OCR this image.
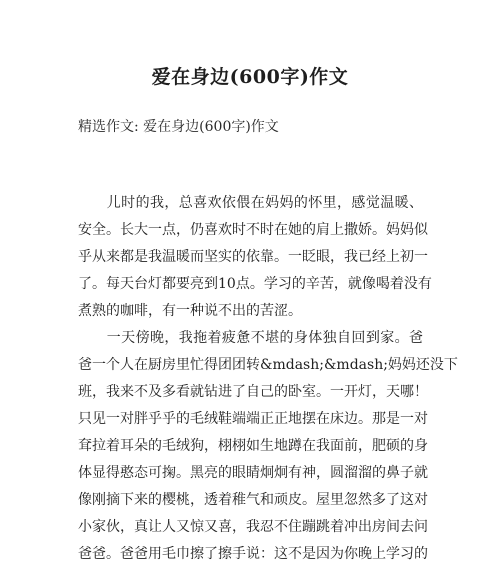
爱在身边(600字)作文
精选作文: 爱在身边(600字)作文
　　儿时的我，总喜欢依偎在妈妈的怀里，感觉温暖、
安全。长大一点，仍喜欢时不时在她的肩上撒娇。妈妈似
乎从来都是我温暖而坚实的依靠。一眨眼，我已经上初一
了。每天台灯都要亮到10点。学习的辛苦，就像喝着没有
煮熟的咖啡，有一种说不出的苦涩。
　　一天傍晚，我拖着疲惫不堪的身体独自回到家。爸
爸一个人在厨房里忙得团团转&mdash;&mdash;妈妈还没下
班，我来不及多看就钻进了自己的卧室。一开灯，天哪！
只见一对胖乎乎的毛绒鞋端端正正地摆在床边。那是一对
耷拉着耳朵的毛绒狗，栩栩如生地蹲在我面前，肥硕的身
体显得憨态可掬。黑亮的眼睛炯炯有神，圆溜溜的鼻子就
像刚摘下来的樱桃，透着稚气和顽皮。屋里忽然多了这对
小家伙，真让人又惊又喜，我忍不住蹦跳着冲出房间去问
爸爸。爸爸用毛巾擦了擦手说：这不是因为你晚上学习的
